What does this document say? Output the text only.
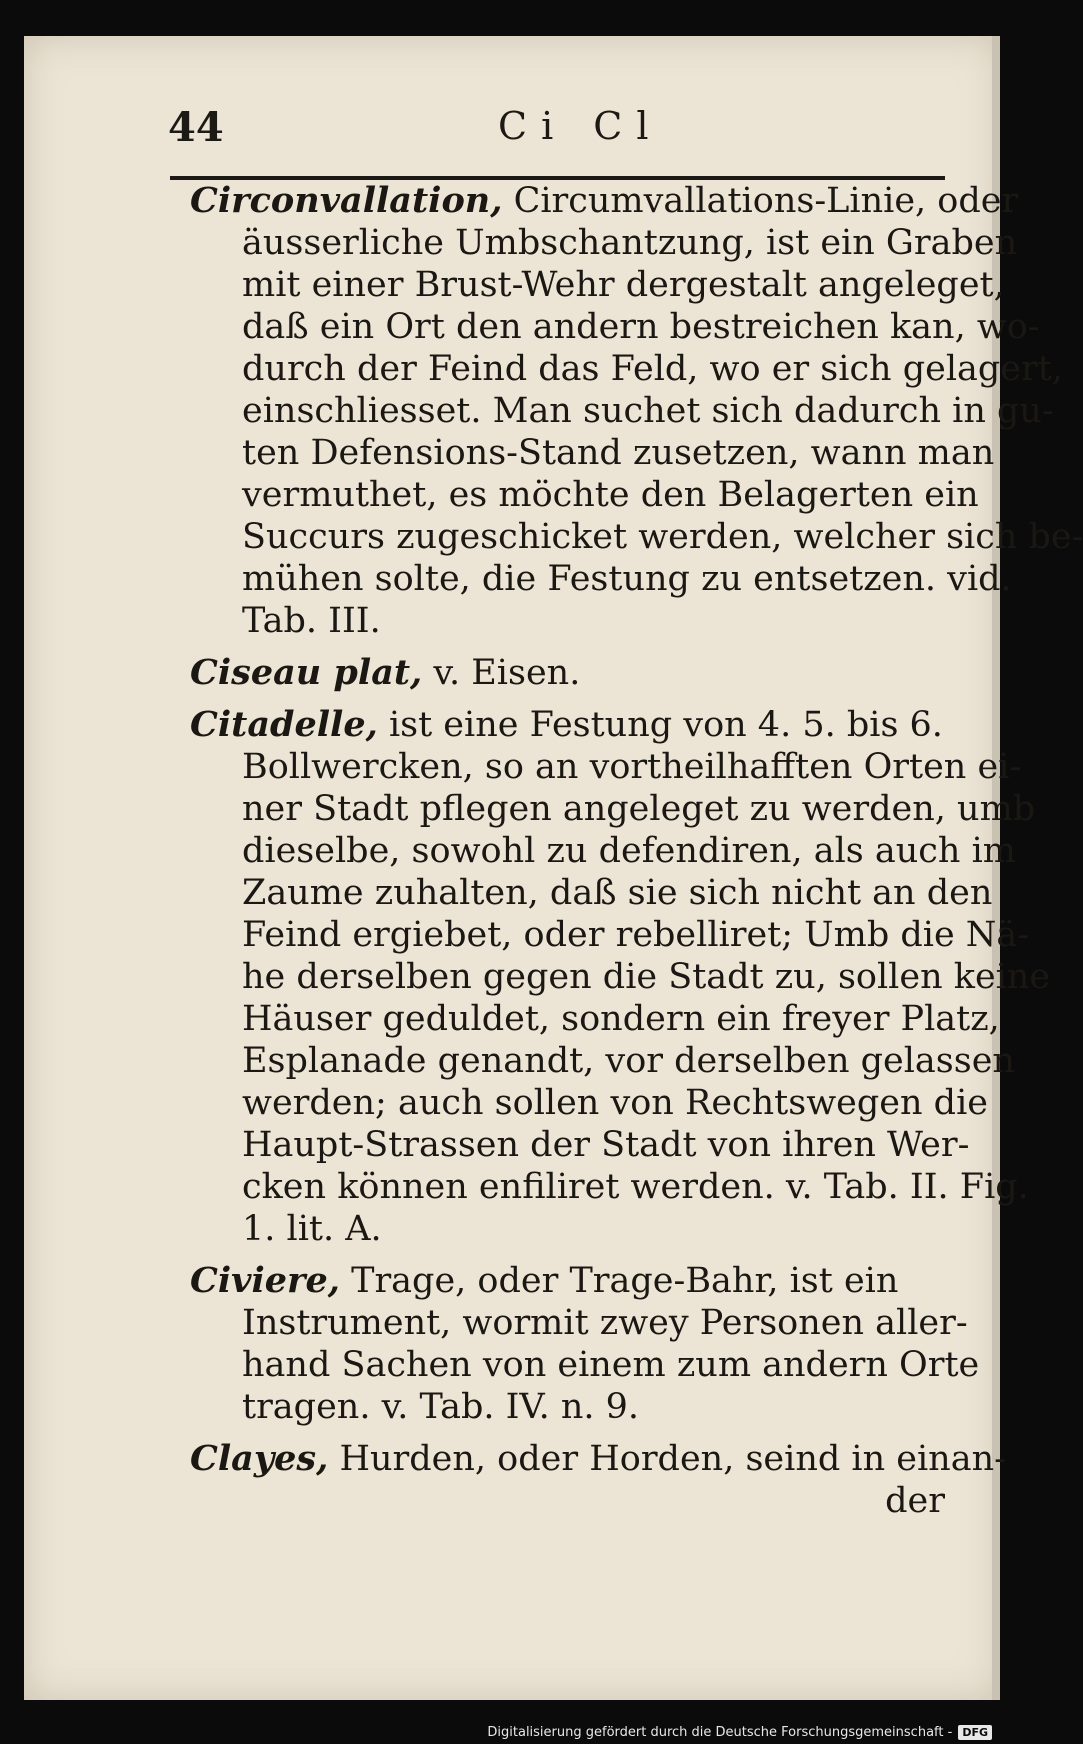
44	Ci Cl
Circonvallation, Circumvallations-Linie, oder
äusserliche Umbschantzung, ist ein Graben
mit einer Brust-Wehr dergestalt angeleget,
daß ein Ort den andern bestreichen kan, wo-
durch der Feind das Feld, wo er sich gelagert,
einschliesset. Man suchet sich dadurch in gu-
ten Defensions-Stand zusetzen, wann man
vermuthet, es möchte den Belagerten ein
Succurs zugeschicket werden, welcher sich be-
mühen solte, die Festung zu entsetzen. vid.
Tab. III.
Ciseau plat, v. Eisen.
Citadelle, ist eine Festung von 4. 5. bis 6.
Bollwercken, so an vortheilhafften Orten ei-
ner Stadt pflegen angeleget zu werden, umb
dieselbe, sowohl zu defendiren, als auch im
Zaume zuhalten, daß sie sich nicht an den
Feind ergiebet, oder rebelliret; Umb die Nä-
he derselben gegen die Stadt zu, sollen keine
Häuser geduldet, sondern ein freyer Platz,
Esplanade genandt, vor derselben gelassen
werden; auch sollen von Rechtswegen die
Haupt-Strassen der Stadt von ihren Wer-
cken können enfiliret werden. v. Tab. II. Fig.
1. lit. A.
Civiere, Trage, oder Trage-Bahr, ist ein
Instrument, wormit zwey Personen aller-
hand Sachen von einem zum andern Orte
tragen. v. Tab. IV. n. 9.
Clayes, Hurden, oder Horden, seind in einan-
der
Digitalisierung gefördert durch die Deutsche Forschungsgemeinschaft - DFG
